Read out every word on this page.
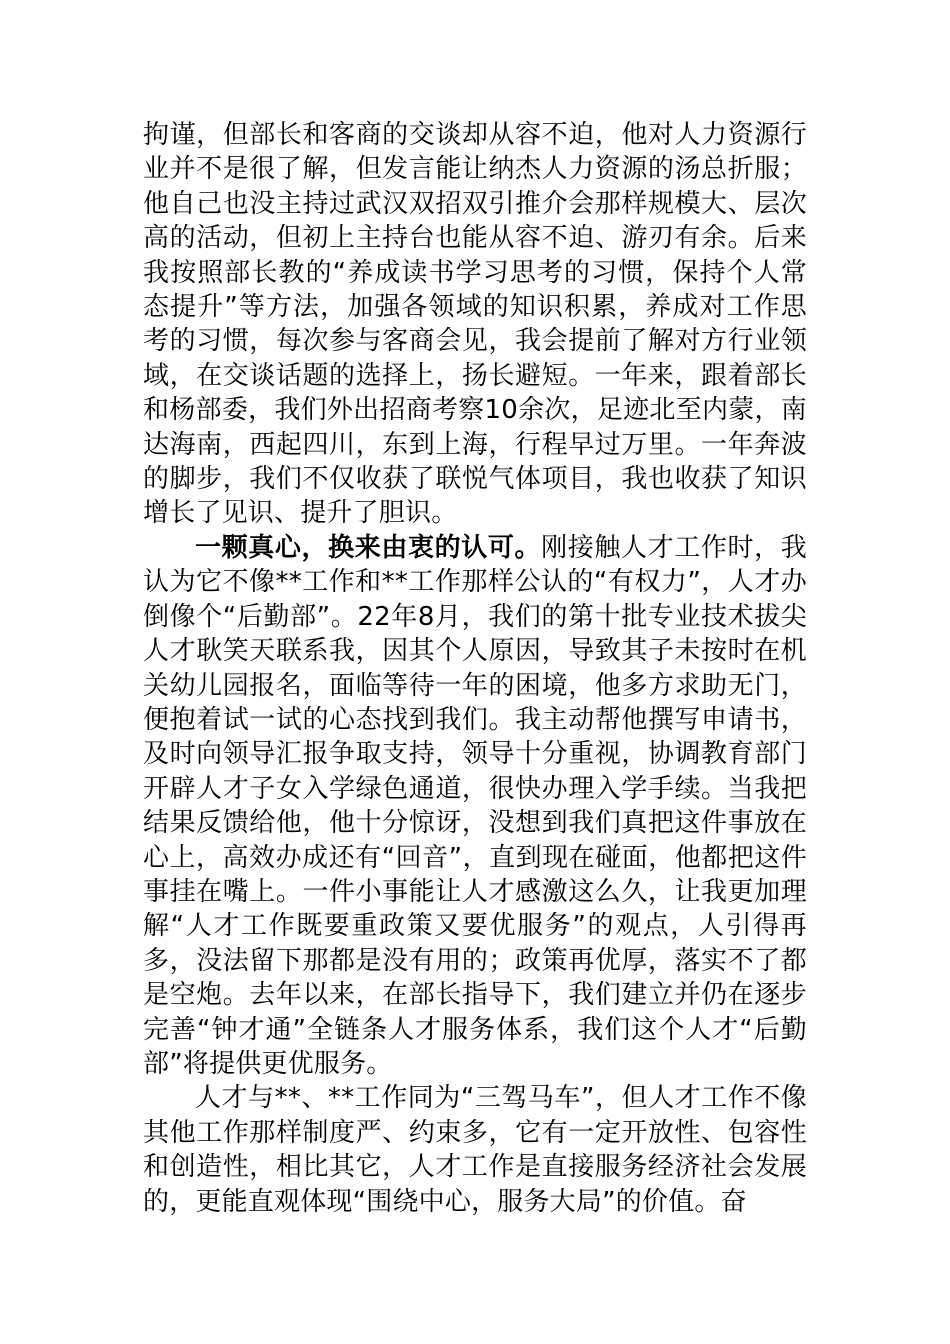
拘谨，但部长和客商的交谈却从容不迫，他对人力资源行业并不是很了解，但发言能让纳杰人力资源的汤总折服；他自己也没主持过武汉双招双引推介会那样规模大、层次高的活动，但初上主持台也能从容不迫、游刃有余。后来我按照部长教的“养成读书学习思考的习惯，保持个人常态提升”等方法，加强各领域的知识积累，养成对工作思考的习惯，每次参与客商会见，我会提前了解对方行业领域，在交谈话题的选择上，扬长避短。一年来，跟着部长和杨部委，我们外出招商考察10余次，足迹北至内蒙，南达海南，西起四川，东到上海，行程早过万里。一年奔波的脚步，我们不仅收获了联悦气体项目，我也收获了知识增长了见识、提升了胆识。

一颗真心，换来由衷的认可。刚接触人才工作时，我认为它不像**工作和**工作那样公认的“有权力”，人才办倒像个“后勤部”。22年8月，我们的第十批专业技术拔尖人才耿笑天联系我，因其个人原因，导致其子未按时在机关幼儿园报名，面临等待一年的困境，他多方求助无门，便抱着试一试的心态找到我们。我主动帮他撰写申请书，及时向领导汇报争取支持，领导十分重视，协调教育部门开辟人才子女入学绿色通道，很快办理入学手续。当我把结果反馈给他，他十分惊讶，没想到我们真把这件事放在心上，高效办成还有“回音”，直到现在碰面，他都把这件事挂在嘴上。一件小事能让人才感激这么久，让我更加理解“人才工作既要重政策又要优服务”的观点，人引得再多，没法留下那都是没有用的；政策再优厚，落实不了都是空炮。去年以来，在部长指导下，我们建立并仍在逐步完善“钟才通”全链条人才服务体系，我们这个人才“后勤部”将提供更优服务。

人才与**、**工作同为“三驾马车”，但人才工作不像其他工作那样制度严、约束多，它有一定开放性、包容性和创造性，相比其它，人才工作是直接服务经济社会发展的，更能直观体现“围绕中心，服务大局”的价值。奋
